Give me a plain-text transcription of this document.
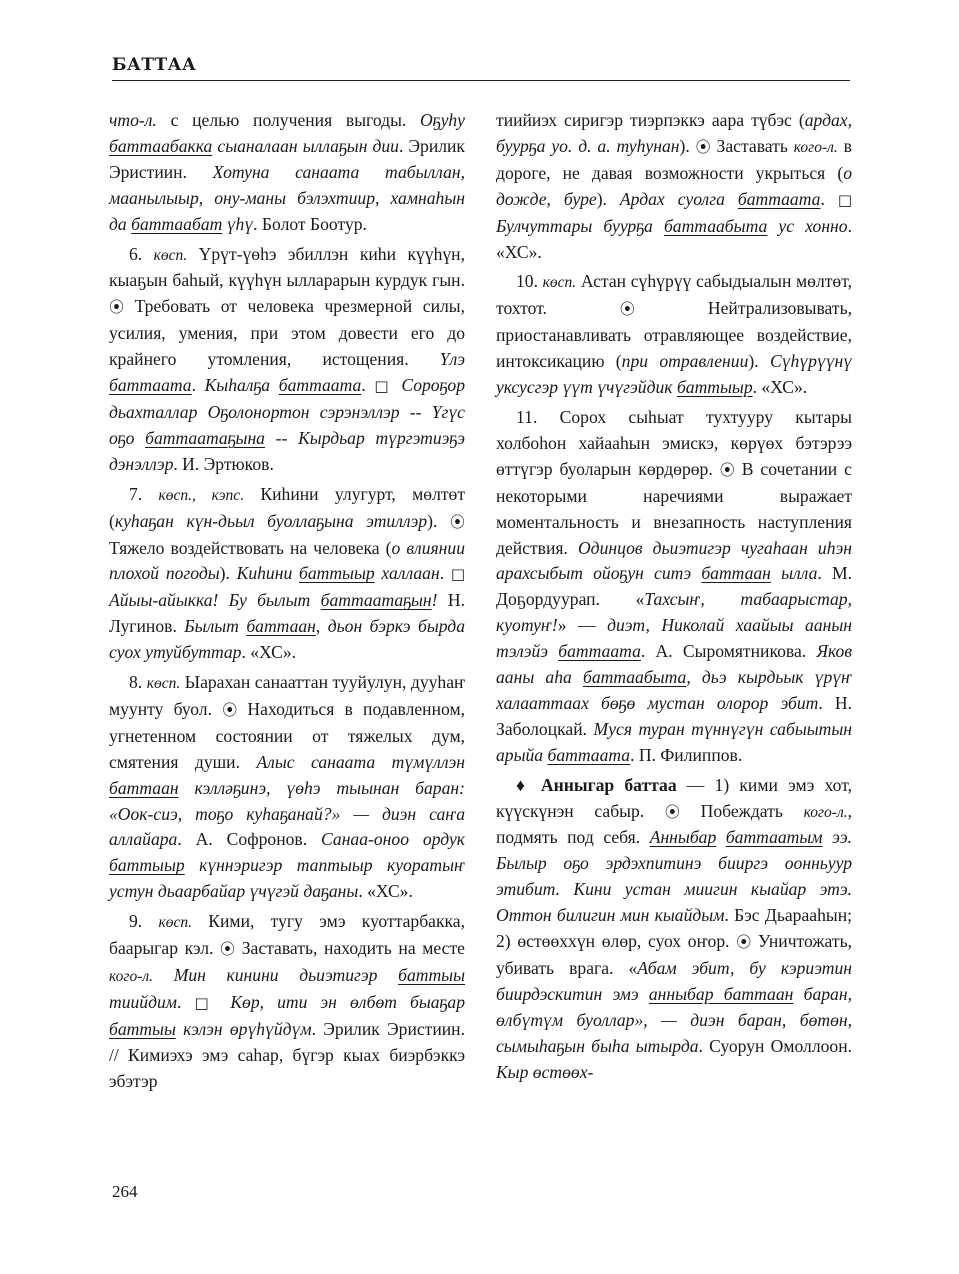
БАТТАА

что-л. с целью получения выгоды. Оҕуһу баттаабакка сыаналаан ыллаҕын дии. Эрилик Эристиин. Хотуна санаата табыллан, маанылыыр, ону-маны бэлэхтиир, хамнаһын да баттаабат үһү. Болот Боотур.

6. көсп. Үрүт-үөһэ эбиллэн киһи күүһүн, кыаҕын баһый, күүһүн ылларарын курдук гын. ⦿ Требовать от человека чрезмерной силы, усилия, умения, при этом довести его до крайнего утомления, истощения. Үлэ баттаата. Кыһалҕа баттаата. □ Сороҕор дьахталлар Оҕолонортон сэрэнэллэр -- Үгүс оҕо баттаатаҕына -- Кырдьар түргэтиэҕэ дэнэллэр. И. Эртюков.

7. көсп., кэпс. Киһини улугурт, мөлтөт (куһаҕан күн-дьыл буоллаҕына этиллэр). ⦿ Тяжело воздействовать на человека (о влиянии плохой погоды). Киһини баттыыр халлаан. □ Айыы-айыкка! Бу былыт баттаатаҕын! Н. Лугинов. Былыт баттаан, дьон бэркэ бырда суох утуйбуттар. «ХС».

8. көсп. Ыарахан санааттан тууйулун, дууһаҥ муунту буол. ⦿ Находиться в подавленном, угнетенном состоянии от тяжелых дум, смятения души. Алыс санаата түмүллэн баттаан кэлләҕинэ, үөһэ тыынан баран: «Оок-сиэ, тоҕо куһаҕанай?» — диэн саҥа аллайара. А. Софронов. Санаа-оноо ордук баттыыр күннэригэр таптыыр куоратыҥ устун дьаарбайар үчүгэй даҕаны. «ХС».

9. көсп. Кими, тугу эмэ куоттарбакка, баарыгар кэл. ⦿ Заставать, находить на месте кого-л. Мин кинини дьиэтигэр баттыы тиийдим. □ Көр, ити эн өлбөт быаҕар баттыы кэлэн өрүһүйдүм. Эрилик Эристиин. // Кимиэхэ эмэ саһар, бүгэр кыах биэрбэккэ эбэтэр

тиийиэх сиригэр тиэрпэккэ аара түбэс (ардах, буурҕа уо. д. а. туһунан). ⦿ Заставать кого-л. в дороге, не давая возможности укрыться (о дожде, буре). Ардах суолга баттаата. □ Булчуттары буурҕа баттаабыта ус хонно. «ХС».

10. көсп. Астан сүһүрүү сабыдыалын мөлтөт, тохтот. ⦿ Нейтрализовывать, приостанавливать отравляющее воздействие, интоксикацию (при отравлении). Сүһүрүүнү уксусгэр үүт үчүгэйдик баттыыр. «ХС».

11. Сорох сыһыат тухтууру кытары холбоһон хайааһын эмискэ, көрүөх бэтэрээ өттүгэр буоларын көрдөрөр. ⦿ В сочетании с некоторыми наречиями выражает моментальность и внезапность наступления действия. Одинцов дьиэтигэр чугаһаан иһэн арахсыбыт ойоҕун ситэ баттаан ылла. М. Доҕордуурап. «Тахсыҥ, табаарыстар, куотуҥ!» — диэт, Николай хаайыы аанын тэлэйэ баттаата. А. Сыромятникова. Яков ааны аһа баттаабыта, дьэ кырдьык үрүҥ халааттаах бөҕө мустан олорор эбит. Н. Заболоцкай. Муся туран түннүгүн сабыытын арыйа баттаата. П. Филиппов.

♦ Анныгар баттаа — 1) кими эмэ хот, күүскүнэн сабыр. ⦿ Побеждать кого-л., подмять под себя. Анныбар баттаатым ээ. Былыр оҕо эрдэхпитинэ бииргэ оонньуур этибит. Кини устан миигин кыайар этэ. Оттон билигин мин кыайдым. Бэс Дьарааһын; 2) өстөөххүн өлөр, суох оҥор. ⦿ Уничтожать, убивать врага. «Абам эбит, бу кэриэтин биирдэскитин эмэ анныбар баттаан баран, өлбүтүм буоллар», — диэн баран, бөтөн, сымыһаҕын быһа ытырда. Суорун Омоллоон. Кыр өстөөх-

264
